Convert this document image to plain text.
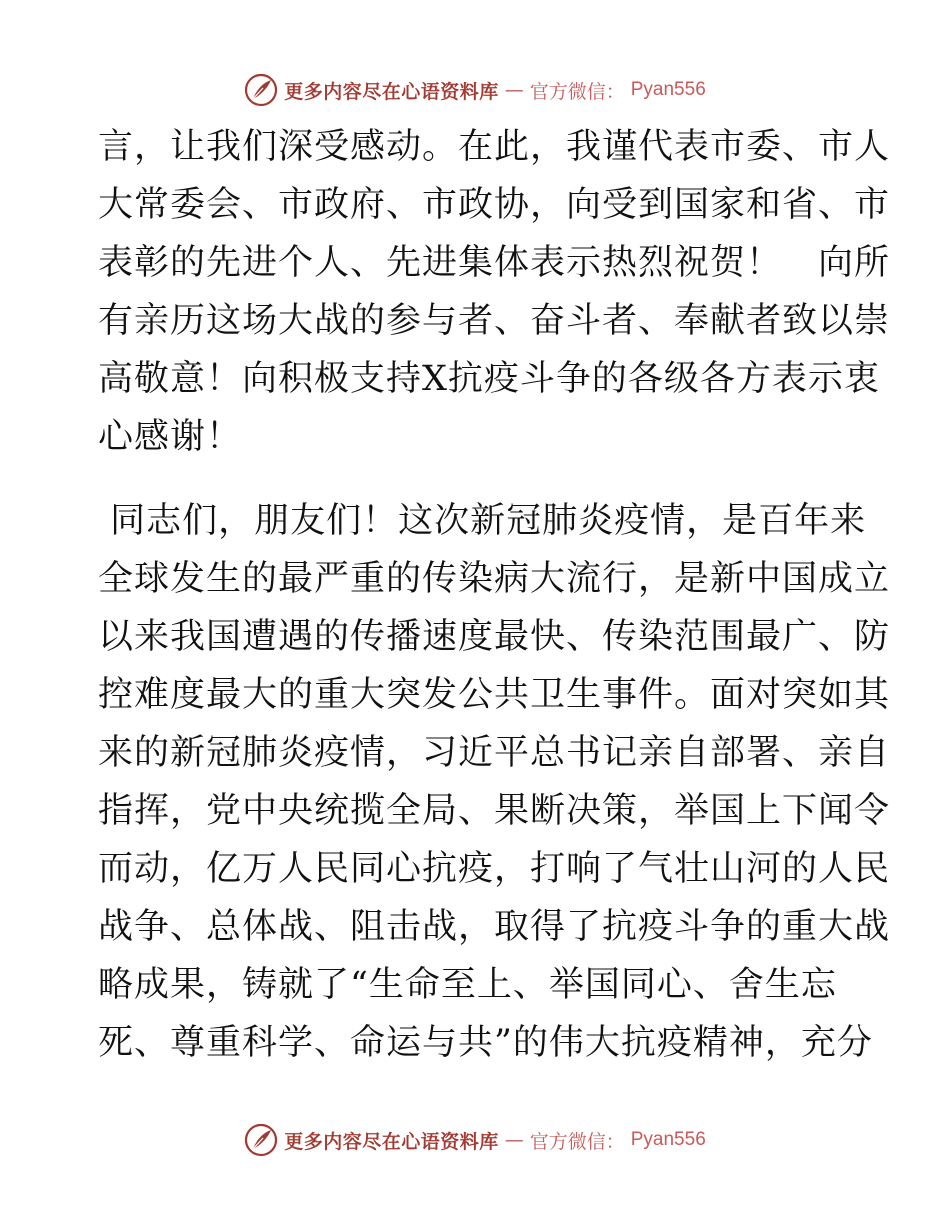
更多内容尽在心语资料库 — 官方微信： Pyan556
言，让我们深受感动。在此，我谨代表市委、市人
大常委会、市政府、市政协，向受到国家和省、市
表彰的先进个人、先进集体表示热烈祝贺！　向所
有亲历这场大战的参与者、奋斗者、奉献者致以崇
高敬意！向积极支持X抗疫斗争的各级各方表示衷
心感谢！
同志们，朋友们！这次新冠肺炎疫情，是百年来
全球发生的最严重的传染病大流行，是新中国成立
以来我国遭遇的传播速度最快、传染范围最广、防
控难度最大的重大突发公共卫生事件。面对突如其
来的新冠肺炎疫情，习近平总书记亲自部署、亲自
指挥，党中央统揽全局、果断决策，举国上下闻令
而动，亿万人民同心抗疫，打响了气壮山河的人民
战争、总体战、阻击战，取得了抗疫斗争的重大战
略成果，铸就了“生命至上、举国同心、舍生忘
死、尊重科学、命运与共”的伟大抗疫精神，充分
更多内容尽在心语资料库 — 官方微信： Pyan556
